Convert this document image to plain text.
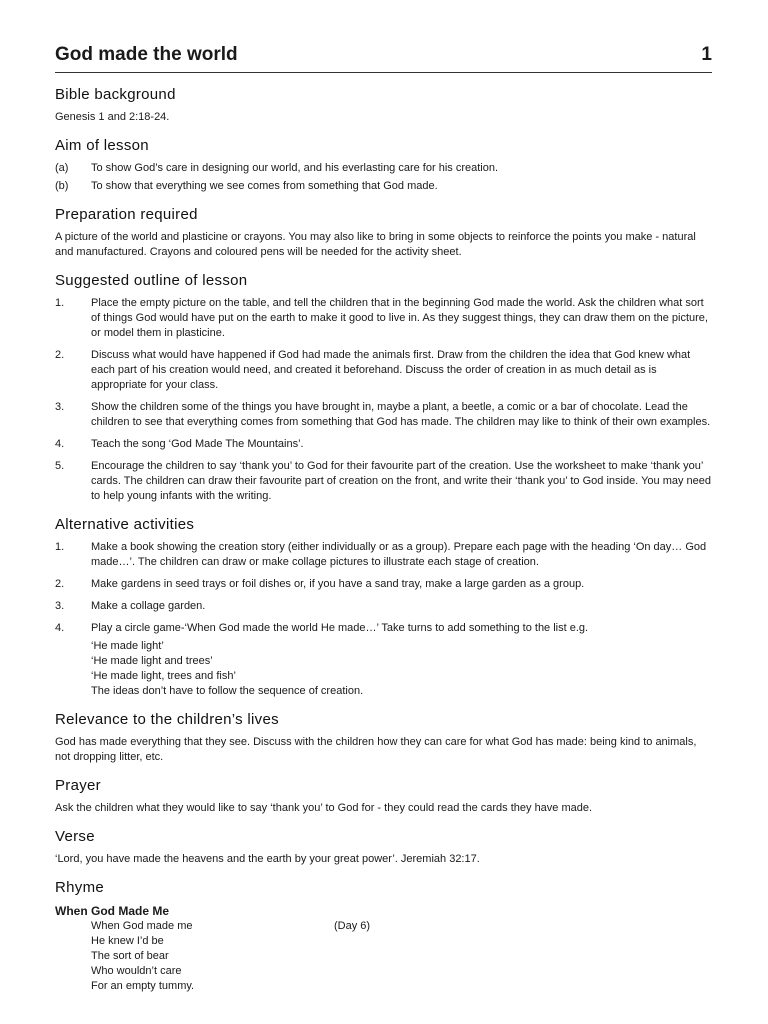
God made the world	1
Bible background

Genesis 1 and 2:18-24.

Aim of lesson
(a)	To show God’s care in designing our world, and his everlasting care for his creation.
(b)	To show that everything we see comes from something that God made.
Preparation required

A picture of the world and plasticine or crayons. You may also like to bring in some objects to reinforce the points you make - natural and manufactured. Crayons and coloured pens will be needed for the activity sheet.

Suggested outline of lesson
1.	Place the empty picture on the table, and tell the children that in the beginning God made the world. Ask the children what sort of things God would have put on the earth to make it good to live in. As they suggest things, they can draw them on the picture, or model them in plasticine.
2.	Discuss what would have happened if God had made the animals first. Draw from the children the idea that God knew what each part of his creation would need, and created it beforehand. Discuss the order of creation in as much detail as is appropriate for your class.
3.	Show the children some of the things you have brought in, maybe a plant, a beetle, a comic or a bar of chocolate. Lead the children to see that everything comes from something that God has made. The children may like to think of their own examples.
4.	Teach the song ‘God Made The Mountains’.
5.	Encourage the children to say ‘thank you’ to God for their favourite part of the creation. Use the worksheet to make ‘thank you’ cards. The children can draw their favourite part of creation on the front, and write their ‘thank you’ to God inside. You may need to help young infants with the writing.
Alternative activities
1.	Make a book showing the creation story (either individually or as a group). Prepare each page with the heading ‘On day… God made…’. The children can draw or make collage pictures to illustrate each stage of creation.
2.	Make gardens in seed trays or foil dishes or, if you have a sand tray, make a large garden as a group.
3.	Make a collage garden.
4.	Play a circle game-‘When God made the world He made…’ Take turns to add something to the list e.g.
‘He made light’
‘He made light and trees’
‘He made light, trees and fish’
The ideas don’t have to follow the sequence of creation.
Relevance to the children’s lives

God has made everything that they see. Discuss with the children how they can care for what God has made: being kind to animals, not dropping litter, etc.

Prayer

Ask the children what they would like to say ‘thank you’ to God for - they could read the cards they have made.

Verse

‘Lord, you have made the heavens and the earth by your great power’. Jeremiah 32:17.

Rhyme
When God Made Me
When God made me	(Day 6)
He knew I’d be
The sort of bear
Who wouldn’t care
For an empty tummy.
